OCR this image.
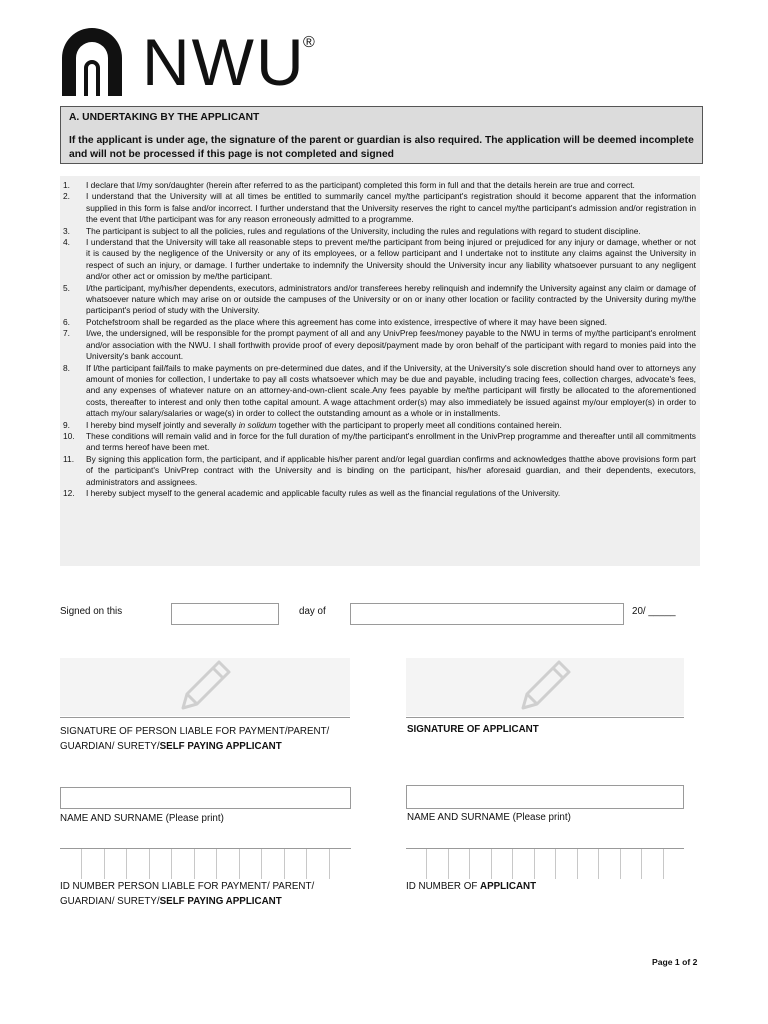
NWU
®
A. UNDERTAKING BY THE APPLICANT
If the applicant is under age, the signature of the parent or guardian is also required. The application will be deemed incomplete and will not be processed if this page is not completed and signed
1. I declare that I/my son/daughter (herein after referred to as the participant) completed this form in full and that the details herein are true and correct.
2. I understand that the University will at all times be entitled to summarily cancel my/the participant's registration should it become apparent that the information supplied in this form is false and/or incorrect. I further understand that the University reserves the right to cancel my/the participant's admission and/or registration in the event that I/the participant was for any reason erroneously admitted to a programme.
3. The participant is subject to all the policies, rules and regulations of the University, including the rules and regulations with regard to student discipline.
4. I understand that the University will take all reasonable steps to prevent me/the participant from being injured or prejudiced for any injury or damage, whether or not it is caused by the negligence of the University or any of its employees, or a fellow participant and I undertake not to institute any claims against the University in respect of such an injury, or damage. I further undertake to indemnify the University should the University incur any liability whatsoever pursuant to any negligent and/or other act or omission by me/the participant.
5. I/the participant, my/his/her dependents, executors, administrators and/or transferees hereby relinquish and indemnify the University against any claim or damage of whatsoever nature which may arise on or outside the campuses of the University or on or inany other location or facility contracted by the University during my/the participant's period of study with the University.
6. Potchefstroom shall be regarded as the place where this agreement has come into existence, irrespective of where it may have been signed.
7. I/we, the undersigned, will be responsible for the prompt payment of all and any UnivPrep fees/money payable to the NWU in terms of my/the participant's enrolment and/or association with the NWU. I shall forthwith provide proof of every deposit/payment made by oron behalf of the participant with regard to monies paid into the University's bank account.
8. If I/the participant fail/fails to make payments on pre-determined due dates, and if the University, at the University's sole discretion should hand over to attorneys any amount of monies for collection, I undertake to pay all costs whatsoever which may be due and payable, including tracing fees, collection charges, advocate's fees, and any expenses of whatever nature on an attorney-and-own-client scale.Any fees payable by me/the participant will firstly be allocated to the aforementioned costs, thereafter to interest and only then tothe capital amount. A wage attachment order(s) may also immediately be issued against my/our employer(s) in order to attach my/our salary/salaries or wage(s) in order to collect the outstanding amount as a whole or in installments.
9. I hereby bind myself jointly and severally in solidum together with the participant to properly meet all conditions contained herein.
10. These conditions will remain valid and in force for the full duration of my/the participant's enrollment in the UnivPrep programme and thereafter until all commitments and terms hereof have been met.
11. By signing this application form, the participant, and if applicable his/her parent and/or legal guardian confirms and acknowledges thatthe above provisions form part of the participant's UnivPrep contract with the University and is binding on the participant, his/her aforesaid guardian, and their dependents, executors, administrators and assignees.
12. I hereby subject myself to the general academic and applicable faculty rules as well as the financial regulations of the University.
Signed on this	day of	20/ _____
SIGNATURE OF PERSON LIABLE FOR PAYMENT/PARENT/
GUARDIAN/ SURETY/SELF PAYING APPLICANT
SIGNATURE OF APPLICANT
NAME AND SURNAME (Please print)	NAME AND SURNAME (Please print)
ID NUMBER PERSON LIABLE FOR PAYMENT/ PARENT/
GUARDIAN/ SURETY/SELF PAYING APPLICANT
ID NUMBER OF APPLICANT
Page 1 of 2
